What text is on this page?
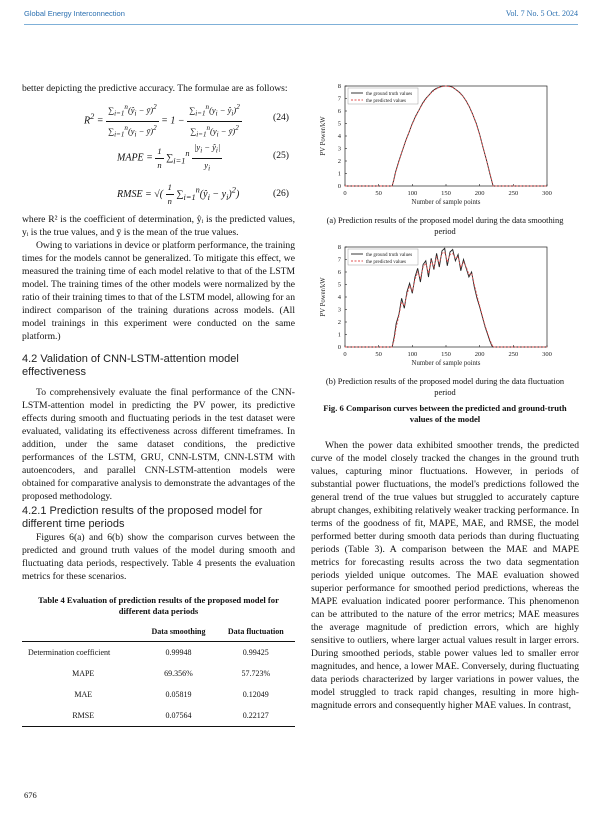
Global Energy Interconnection	Vol. 7 No. 5 Oct. 2024

better depicting the predictive accuracy. The formulae are as follows:

$R^2 = \frac{\sum_{i=1}^n(ŷ_i - ȳ)^2}{\sum_{i=1}^n(y_i - ȳ)^2} = 1 - \frac{\sum_{i=1}^n(y_i - ŷ_i)^2}{\sum_{i=1}^n(y_i - ȳ)^2}$	(24)
MAPE = $\frac{1}{n} \sum_{i=1}^n \frac{|y_i - ŷ_i|}{y_i}$	(25)
RMSE = √( $\frac{1}{n}$ $\sum_{i=1}^n(ŷ_i - y_i)^2$)	(26)

where R² is the coefficient of determination, ŷᵢ is the predicted values, yᵢ is the true values, and ȳ is the mean of the true values.

Owing to variations in device or platform performance, the training times for the models cannot be generalized. To mitigate this effect, we measured the training time of each model relative to that of the LSTM model. The training times of the other models were normalized by the ratio of their training times to that of the LSTM model, allowing for an indirect comparison of the training durations across models. (All model trainings in this experiment were conducted on the same platform.)

4.2 Validation of CNN-LSTM-attention model effectiveness

To comprehensively evaluate the final performance of the CNN-LSTM-attention model in predicting the PV power, its predictive effects during smooth and fluctuating periods in the test dataset were evaluated, validating its effectiveness across different timeframes. In addition, under the same dataset conditions, the predictive performances of the LSTM, GRU, CNN-LSTM, CNN-LSTM with autoencoders, and parallel CNN-LSTM-attention models were obtained for comparative analysis to demonstrate the advantages of the proposed methodology.

4.2.1 Prediction results of the proposed model for different time periods

Figures 6(a) and 6(b) show the comparison curves between the predicted and ground truth values of the model during smooth and fluctuating data periods, respectively. Table 4 presents the evaluation metrics for these scenarios.

Table 4 Evaluation of prediction results of the proposed model for different data periods
	Data smoothing	Data fluctuation
Determination coefficient	0.99948	0.99425
MAPE	69.356%	57.723%
MAE	0.05819	0.12049
RMSE	0.07564	0.22127
0	50	100	150	200	250	300
0
1
2
3
4
5
6
7
8
Number of sample points
PV Power/kW
the ground truth values
the predicted values
(a) Prediction results of the proposed model during the data smoothing period
0	50	100	150	200	250	300
0
1
2
3
4
5
6
7
8
Number of sample points
PV Power/kW
the ground truth values
the predicted values
(b) Prediction results of the proposed model during the data fluctuation period
Fig. 6 Comparison curves between the predicted and ground-truth values of the model

When the power data exhibited smoother trends, the predicted curve of the model closely tracked the changes in the ground truth values, capturing minor fluctuations. However, in periods of substantial power fluctuations, the model's predictions followed the general trend of the true values but struggled to accurately capture abrupt changes, exhibiting relatively weaker tracking performance. In terms of the goodness of fit, MAPE, MAE, and RMSE, the model performed better during smooth data periods than during fluctuating periods (Table 3). A comparison between the MAE and MAPE metrics for forecasting results across the two data segmentation periods yielded unique outcomes. The MAE evaluation showed superior performance for smoothed period predictions, whereas the MAPE evaluation indicated poorer performance. This phenomenon can be attributed to the nature of the error metrics; MAE measures the average magnitude of prediction errors, which are highly sensitive to outliers, where larger actual values result in larger errors. During smoothed periods, stable power values led to smaller error magnitudes, and hence, a lower MAE. Conversely, during fluctuating data periods characterized by larger variations in power values, the model struggled to track rapid changes, resulting in more high-magnitude errors and consequently higher MAE values. In contrast,

676
